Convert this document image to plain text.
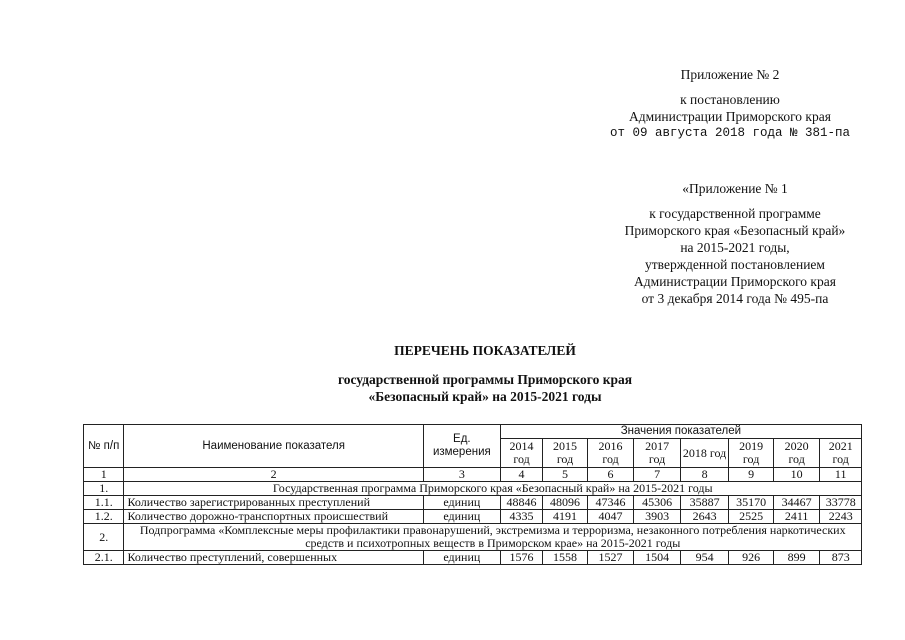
Приложение № 2
к постановлению
Администрации Приморского края
от 09 августа 2018 года № 381-па
«Приложение № 1
к государственной программе
Приморского края «Безопасный край»
на 2015-2021 годы,
утвержденной постановлением
Администрации Приморского края
от 3 декабря 2014 года № 495-па
ПЕРЕЧЕНЬ ПОКАЗАТЕЛЕЙ
государственной программы Приморского края
«Безопасный край» на 2015-2021 годы
№ п/п	Наименование показателя	Ед. измерения	Значения показателей							
			2014 год	2015 год	2016 год	2017 год	2018 год	2019 год	2020 год	2021 год
1	2	3	4	5	6	7	8	9	10	11
1.	Государственная программа Приморского края «Безопасный край» на 2015-2021 годы									
1.1.	Количество зарегистрированных преступлений	единиц	48846	48096	47346	45306	35887	35170	34467	33778
1.2.	Количество дорожно-транспортных происшествий	единиц	4335	4191	4047	3903	2643	2525	2411	2243
2.	Подпрограмма «Комплексные меры профилактики правонарушений, экстремизма и терроризма, незаконного потребления наркотических средств и психотропных веществ в Приморском крае» на 2015-2021 годы									
2.1.	Количество преступлений, совершенных	единиц	1576	1558	1527	1504	954	926	899	873
